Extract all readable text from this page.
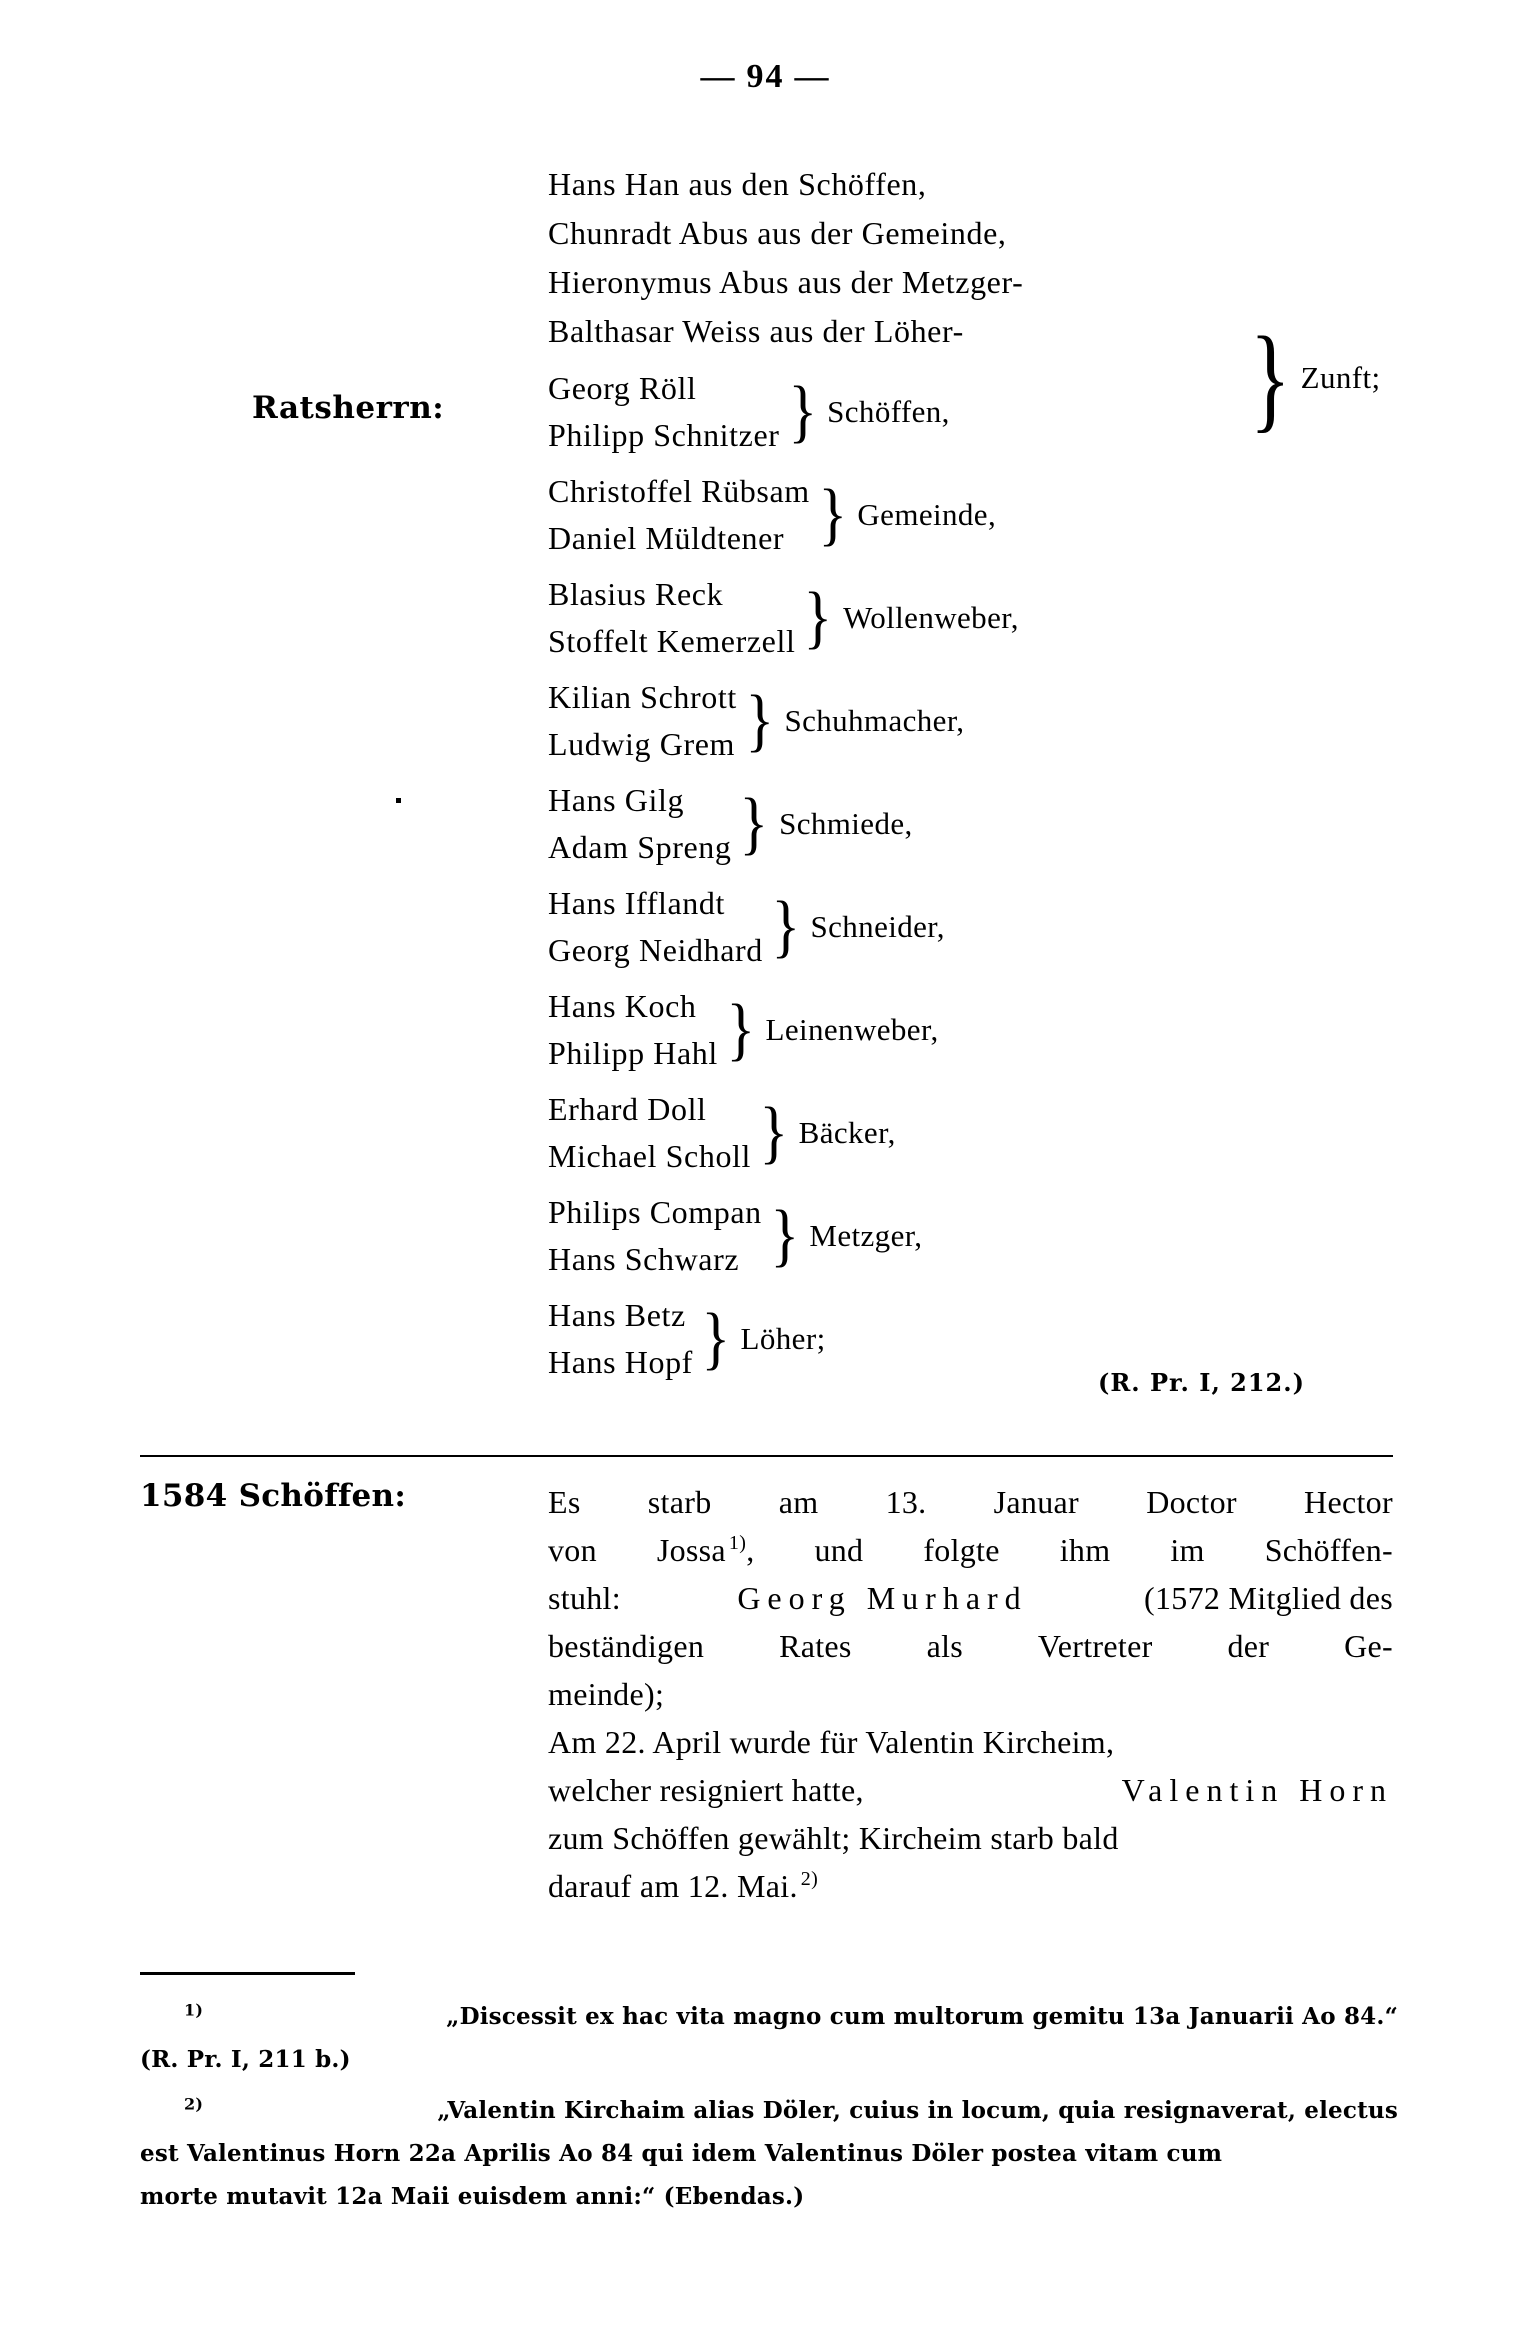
— 94 —
Ratsherrn:
Hans Han aus den Schöffen,
Chunradt Abus aus der Gemeinde,
Hieronymus Abus aus der Metzger-
Balthasar Weiss aus der Löher-
Georg Röll
Philipp Schnitzer } Schöffen,
Christoffel Rübsam
Daniel Müldtener } Gemeinde,
Blasius Reck
Stoffelt Kemerzell } Wollenweber,
Kilian Schrott
Ludwig Grem } Schuhmacher,
Hans Gilg
Adam Spreng } Schmiede,
Hans Ifflandt
Georg Neidhard } Schneider,
Hans Koch
Philipp Hahl } Leinenweber,
Erhard Doll
Michael Scholl } Bäcker,
Philips Compan
Hans Schwarz } Metzger,
Hans Betz
Hans Hopf } Löher;
} Zunft;
(R. Pr. I, 212.)
1584 Schöffen:	Es starb am 13. Januar Doctor Hector
von Jossa $^{1)}$, und folgte ihm im Schöffen-
stuhl:	Georg Murhard	(1572 Mitglied des
beständigen Rates als Vertreter der Ge-
meinde);
Am 22. April wurde für Valentin Kircheim,
welcher resigniert hatte,	Valentin Horn
zum Schöffen gewählt; Kircheim starb bald
darauf am 12. Mai. $^{2)}$
$^{1)}$	„Discessit ex hac vita magno cum multorum gemitu 13a Januarii Ao 84.“
(R. Pr. I, 211 b.)
$^{2)}$	„Valentin Kirchaim alias Döler, cuius in locum, quia resignaverat, electus
est Valentinus Horn 22a Aprilis Ao 84 qui idem Valentinus Döler postea vitam cum
morte mutavit 12a Maii euisdem anni:“ (Ebendas.)
